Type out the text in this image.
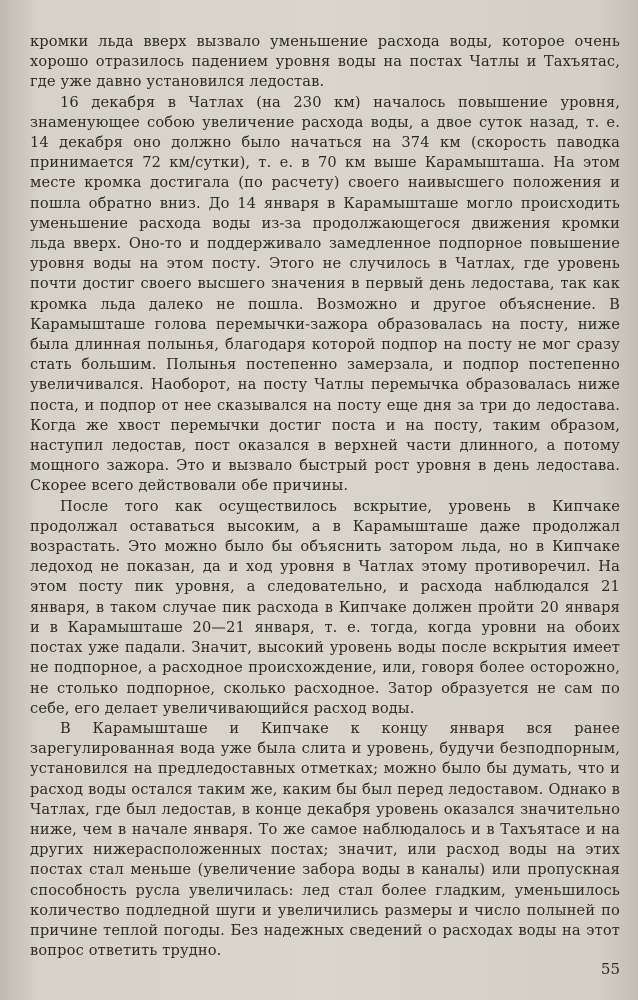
кромки льда вверх вызвало уменьшение расхода воды, которое очень хорошо отразилось падением уровня воды на постах Чатлы и Тахъятас, где уже давно установился ледостав.

16 декабря в Чатлах (на 230 км) началось повышение уровня, знаменующее собою увеличение расхода воды, а двое суток назад, т. е. 14 декабря оно должно было начаться на 374 км (скорость паводка принимается 72 км/сутки), т. е. в 70 км выше Карамышташа. На этом месте кромка достигала (по расчету) своего наивысшего положения и пошла обратно вниз. До 14 января в Карамышташе могло происходить уменьшение расхода воды из-за продолжающегося движения кромки льда вверх. Оно-то и поддерживало замедленное подпорное повышение уровня воды на этом посту. Этого не случилось в Чатлах, где уровень почти достиг своего высшего значения в первый день ледостава, так как кромка льда далеко не пошла. Возможно и другое объяснение. В Карамышташе голова перемычки-зажора образовалась на посту, ниже была длинная полынья, благодаря которой подпор на посту не мог сразу стать большим. Полынья постепенно замерзала, и подпор постепенно увеличивался. Наоборот, на посту Чатлы перемычка образовалась ниже поста, и подпор от нее сказывался на посту еще дня за три до ледостава. Когда же хвост перемычки достиг поста и на посту, таким образом, наступил ледостав, пост оказался в верхней части длинного, а потому мощного зажора. Это и вызвало быстрый рост уровня в день ледостава. Скорее всего действовали обе причины.

После того как осуществилось вскрытие, уровень в Кипчаке продолжал оставаться высоким, а в Карамышташе даже продолжал возрастать. Это можно было бы объяснить затором льда, но в Кипчаке ледоход не показан, да и ход уровня в Чатлах этому противоречил. На этом посту пик уровня, а следовательно, и расхода наблюдался 21 января, в таком случае пик расхода в Кипчаке должен пройти 20 января и в Карамышташе 20—21 января, т. е. тогда, когда уровни на обоих постах уже падали. Значит, высокий уровень воды после вскрытия имеет не подпорное, а расходное происхождение, или, говоря более осторожно, не столько подпорное, сколько расходное. Затор образуется не сам по себе, его делает увеличивающийся расход воды.

В Карамышташе и Кипчаке к концу января вся ранее зарегулированная вода уже была слита и уровень, будучи безподпорным, установился на предледоставных отметках; можно было бы думать, что и расход воды остался таким же, каким бы был перед ледоставом. Однако в Чатлах, где был ледостав, в конце декабря уровень оказался значительно ниже, чем в начале января. То же самое наблюдалось и в Тахъятасе и на других нижерасположенных постах; значит, или расход воды на этих постах стал меньше (увеличение забора воды в каналы) или пропускная способность русла увеличилась: лед стал более гладким, уменьшилось количество подледной шуги и увеличились размеры и число полыней по причине теплой погоды. Без надежных сведений о расходах воды на этот вопрос ответить трудно.

55
